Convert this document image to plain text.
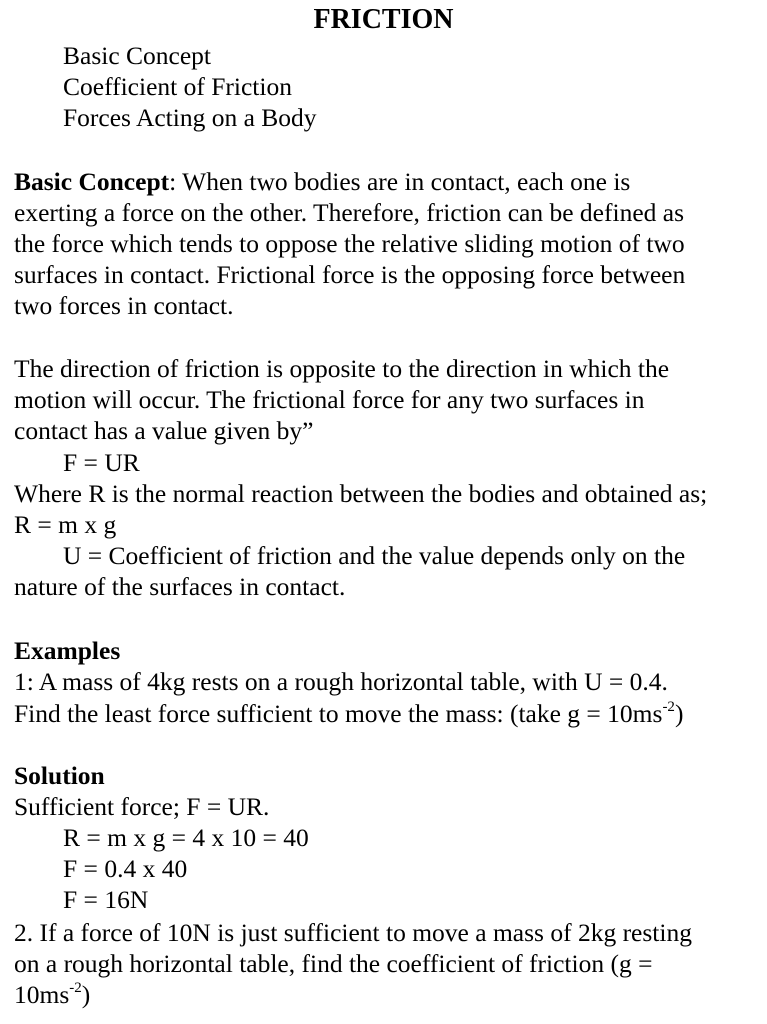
FRICTION
Basic Concept
Coefficient of Friction
Forces Acting on a Body
Basic Concept: When two bodies are in contact, each one is
exerting a force on the other. Therefore, friction can be defined as
the force which tends to oppose the relative sliding motion of two
surfaces in contact. Frictional force is the opposing force between
two forces in contact.
The direction of friction is opposite to the direction in which the
motion will occur. The frictional force for any two surfaces in
contact has a value given by”
F = UR
Where R is the normal reaction between the bodies and obtained as;
R = m x g
U = Coefficient of friction and the value depends only on the
nature of the surfaces in contact.
Examples
1: A mass of 4kg rests on a rough horizontal table, with U = 0.4.
Find the least force sufficient to move the mass: (take $g = 10ms^{-2}$)
Solution
Sufficient force; F = UR.
R = m x g = 4 x 10 = 40
F = 0.4 x 40
F = 16N
2. If a force of 10N is just sufficient to move a mass of 2kg resting
on a rough horizontal table, find the coefficient of friction (g =
$10ms^{-2}$)
